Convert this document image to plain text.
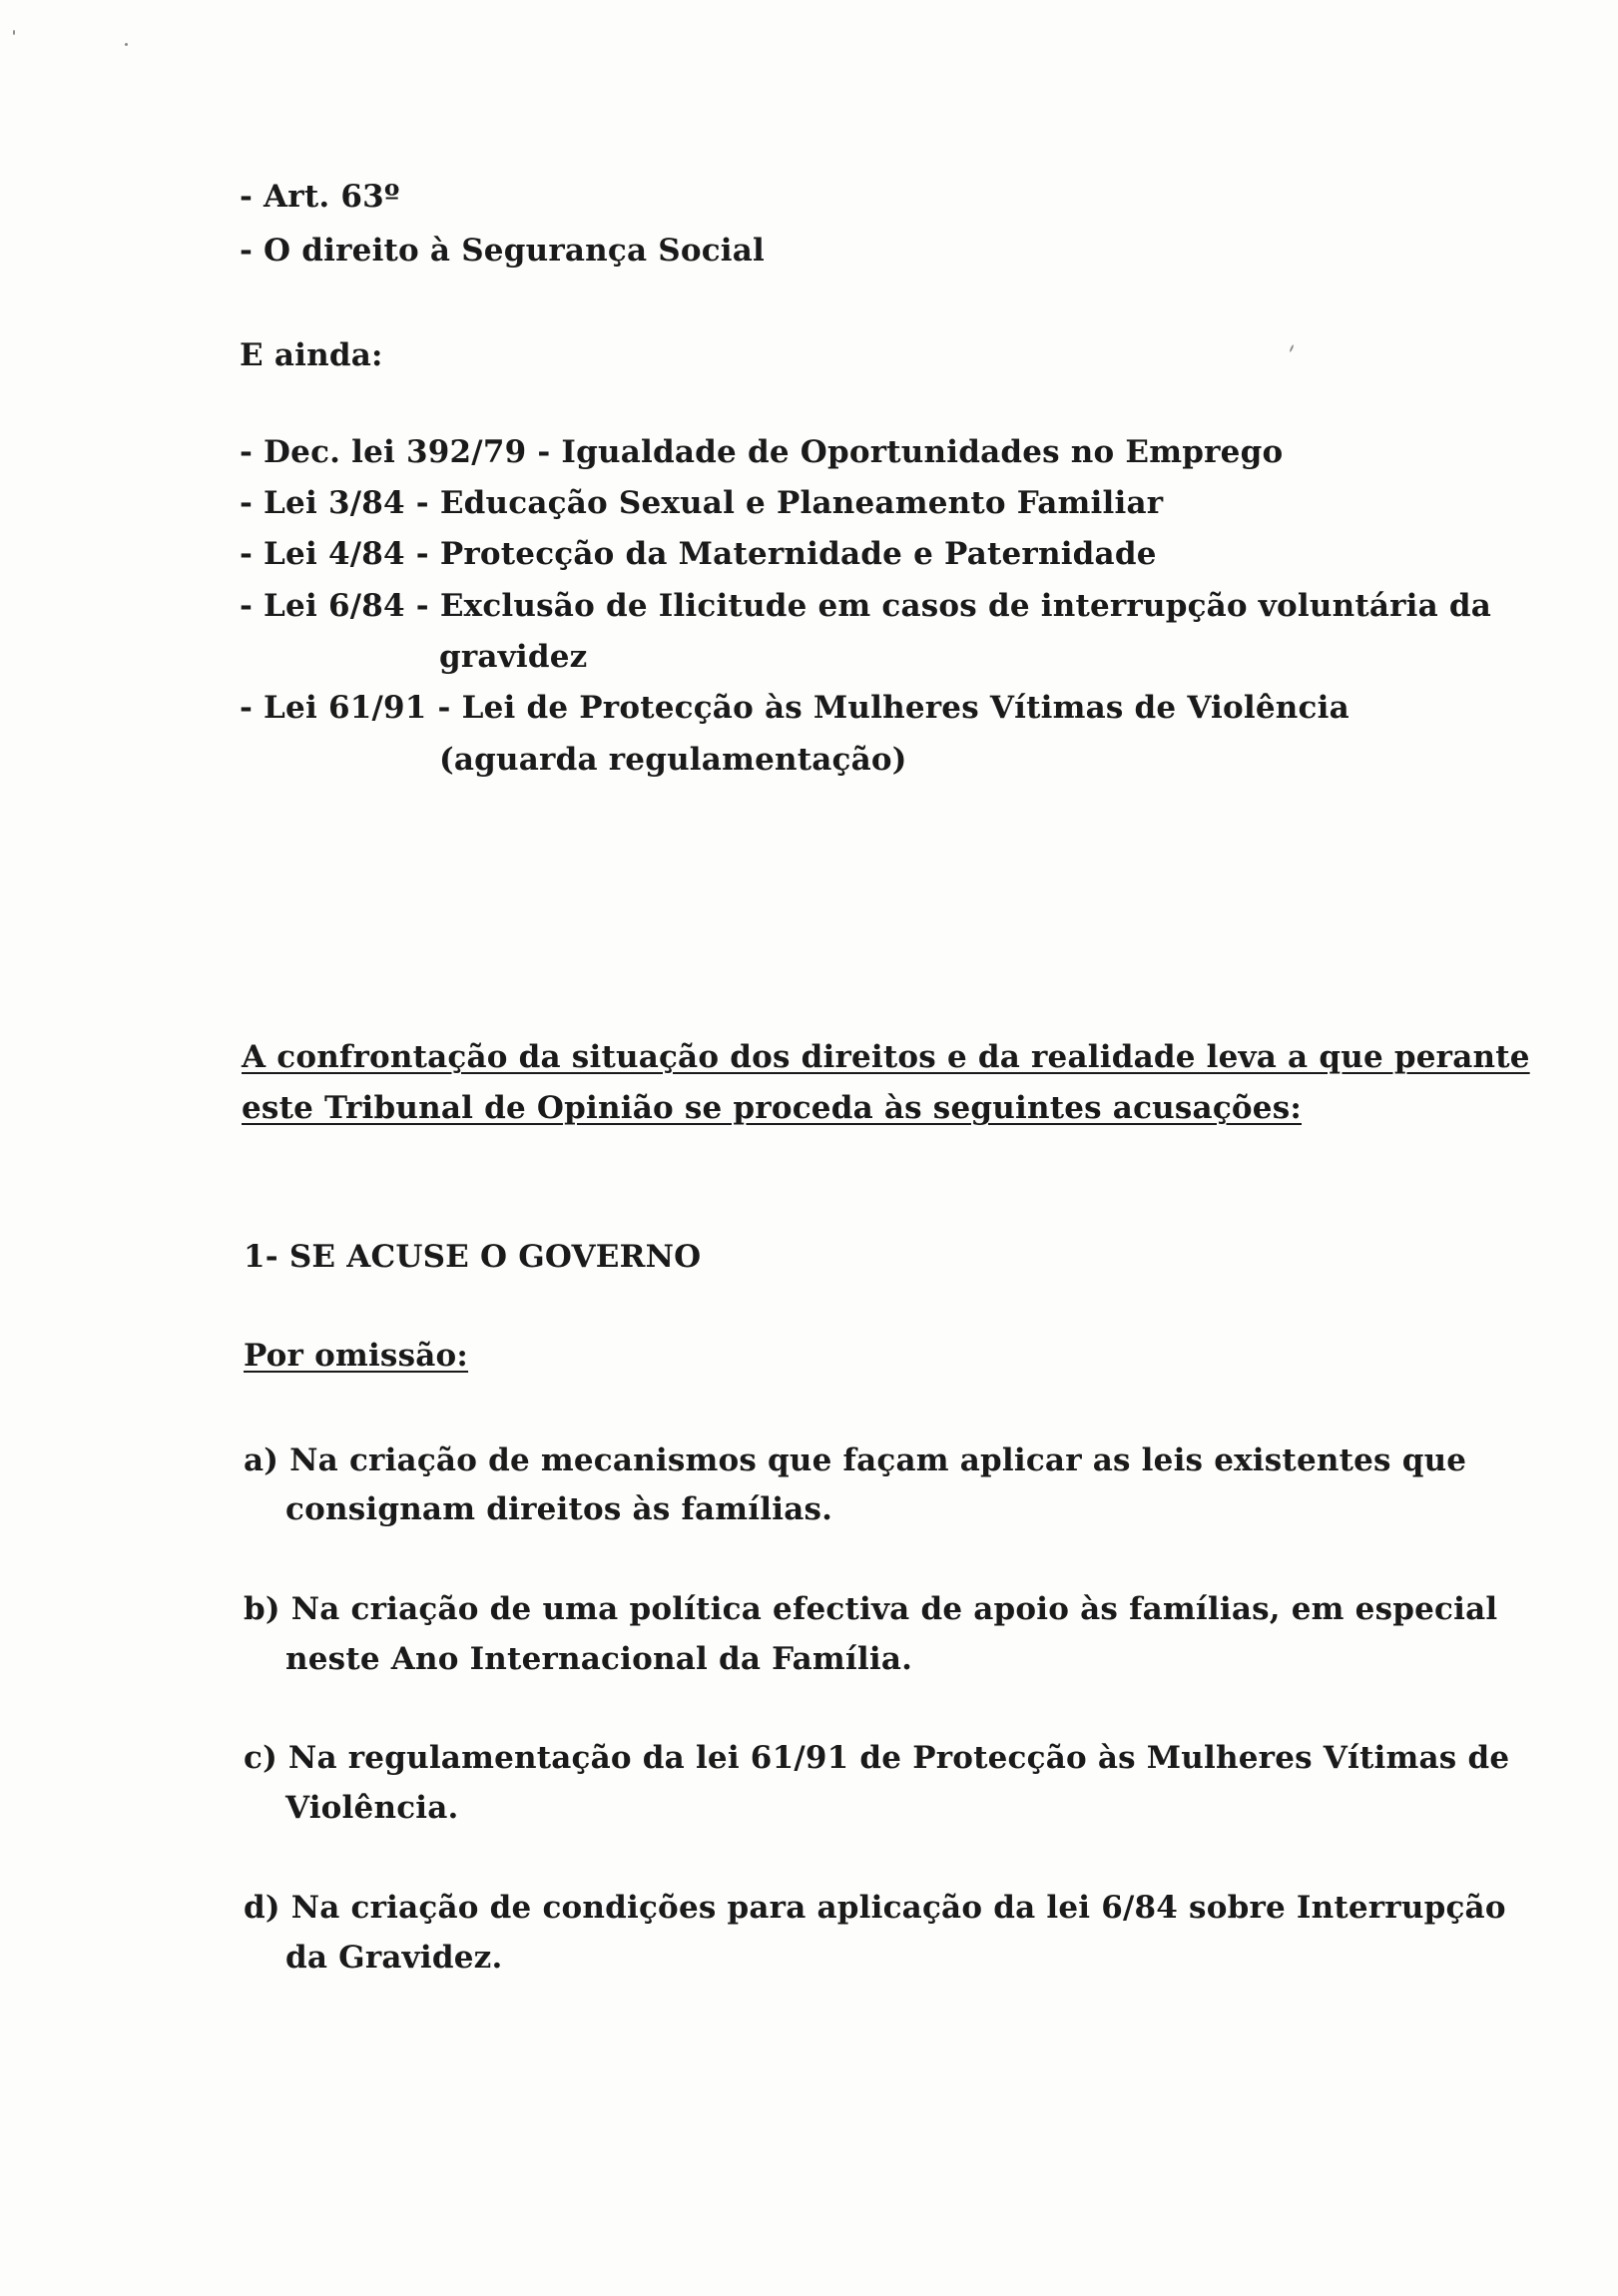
- Art. 63º
- O direito à Segurança Social
E ainda:
- Dec. lei 392/79 - Igualdade de Oportunidades no Emprego
- Lei 3/84 - Educação Sexual e Planeamento Familiar
- Lei 4/84 - Protecção da Maternidade e Paternidade
- Lei 6/84 - Exclusão de Ilicitude em casos de interrupção voluntária da
gravidez
- Lei 61/91 - Lei de Protecção às Mulheres Vítimas de Violência
(aguarda regulamentação)
A confrontação da situação dos direitos e da realidade leva a que perante
este Tribunal de Opinião se proceda às seguintes acusações:
1- SE ACUSE O GOVERNO
Por omissão:
a) Na criação de mecanismos que façam aplicar as leis existentes que
consignam direitos às famílias.
b) Na criação de uma política efectiva de apoio às famílias, em especial
neste Ano Internacional da Família.
c) Na regulamentação da lei 61/91 de Protecção às Mulheres Vítimas de
Violência.
d) Na criação de condições para aplicação da lei 6/84 sobre Interrupção
da Gravidez.
